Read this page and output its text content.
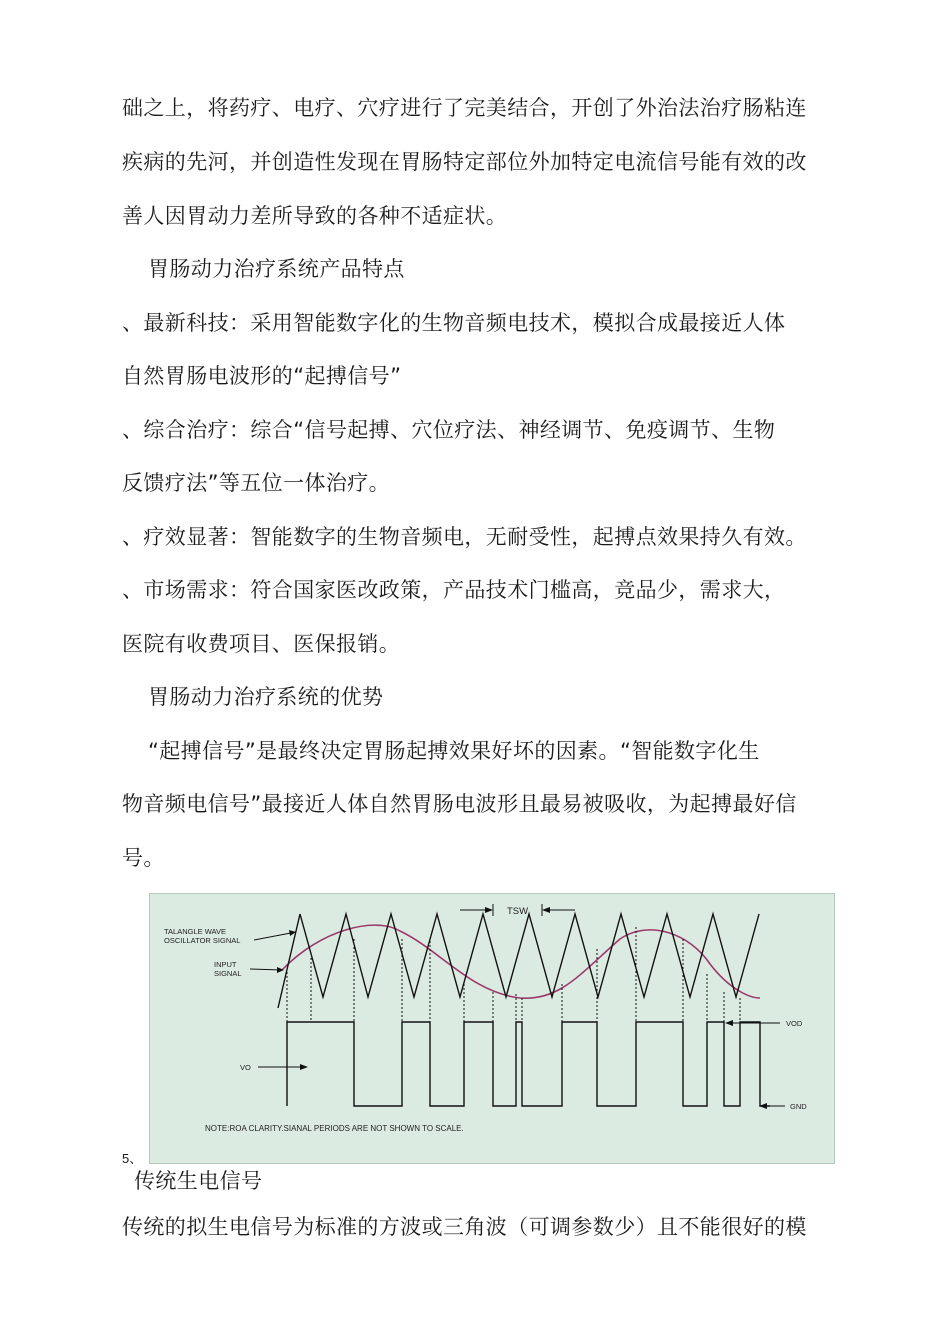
础之上，将药疗、电疗、穴疗进行了完美结合，开创了外治法治疗肠粘连
疾病的先河，并创造性发现在胃肠特定部位外加特定电流信号能有效的改
善人因胃动力差所导致的各种不适症状。
胃肠动力治疗系统产品特点
、最新科技：采用智能数字化的生物音频电技术，模拟合成最接近人体
自然胃肠电波形的“起搏信号”
、综合治疗：综合“信号起搏、穴位疗法、神经调节、免疫调节、生物
反馈疗法”等五位一体治疗。
、疗效显著：智能数字的生物音频电，无耐受性，起搏点效果持久有效。
、市场需求：符合国家医改政策，产品技术门槛高，竞品少，需求大，
医院有收费项目、医保报销。
胃肠动力治疗系统的优势
“起搏信号”是最终决定胃肠起搏效果好坏的因素。“智能数字化生
物音频电信号”最接近人体自然胃肠电波形且最易被吸收，为起搏最好信
号。
TALANGLE WAVE
OSCILLATOR SIGNAL
INPUT
SIGNAL
VO
VOD
GND
TSW
NOTE:ROA CLARITY.SIANAL PERIODS ARE NOT SHOWN TO SCALE.
5、
传统生电信号
传统的拟生电信号为标准的方波或三角波（可调参数少）且不能很好的模
